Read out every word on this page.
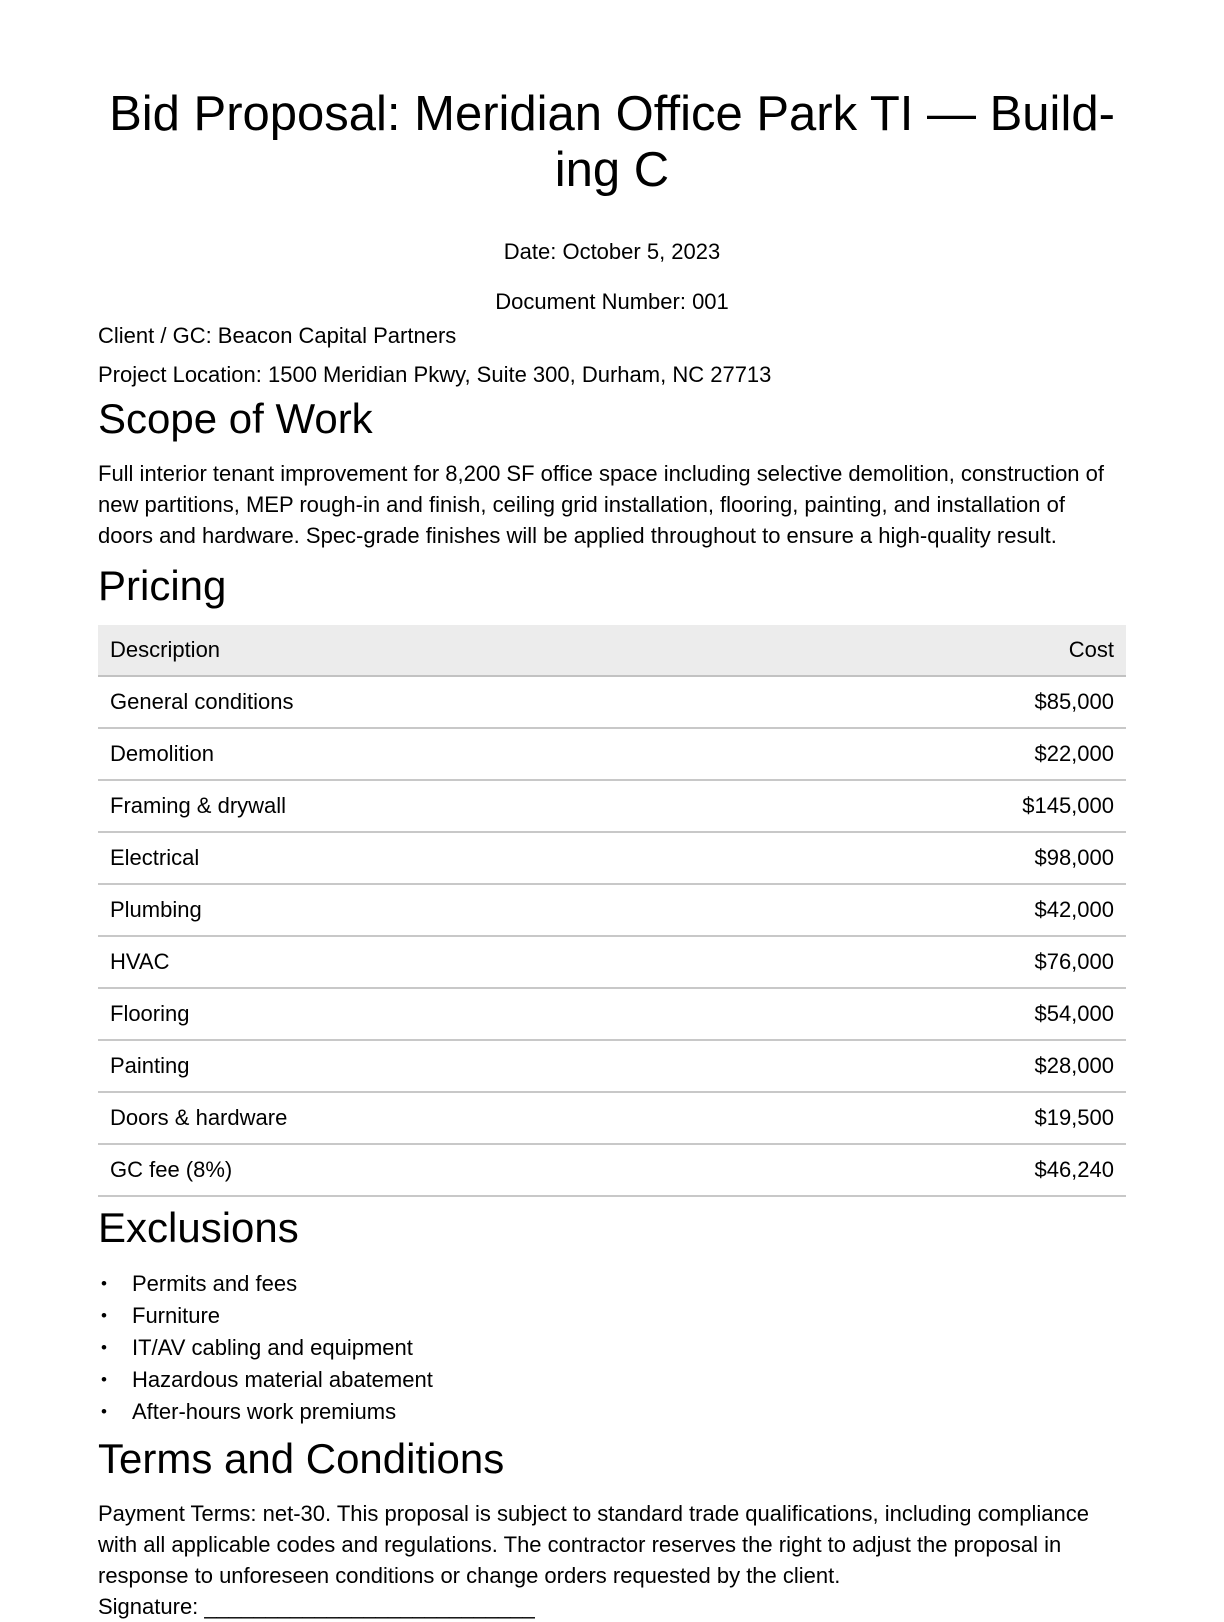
Bid Proposal: Meridian Office Park TI — Building C

Date: October 5, 2023

Document Number: 001

Client / GC: Beacon Capital Partners

Project Location: 1500 Meridian Pkwy, Suite 300, Durham, NC 27713

Scope of Work

Full interior tenant improvement for 8,200 SF office space including selective demolition, construction of new partitions, MEP rough-in and finish, ceiling grid installation, flooring, painting, and installation of doors and hardware. Spec-grade finishes will be applied throughout to ensure a high-quality result.

Pricing
Description	Cost
General conditions	$85,000
Demolition	$22,000
Framing & drywall	$145,000
Electrical	$98,000
Plumbing	$42,000
HVAC	$76,000
Flooring	$54,000
Painting	$28,000
Doors & hardware	$19,500
GC fee (8%)	$46,240
Exclusions
• Permits and fees
• Furniture
• IT/AV cabling and equipment
• Hazardous material abatement
• After-hours work premiums
Terms and Conditions

Payment Terms: net-30. This proposal is subject to standard trade qualifications, including compliance with all applicable codes and regulations. The contractor reserves the right to adjust the proposal in response to unforeseen conditions or change orders requested by the client.

Signature: ___________________________
